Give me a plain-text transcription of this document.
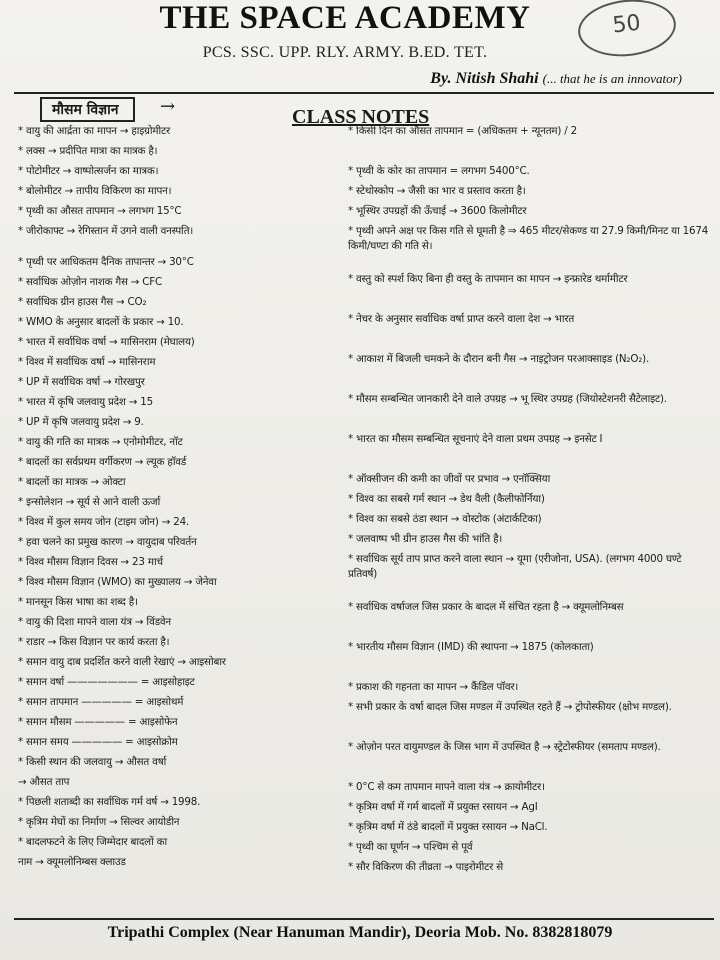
THE SPACE ACADEMY	50
PCS. SSC. UPP. RLY. ARMY. B.ED. TET.
By. Nitish Shahi (... that he is an innovator)
मौसम विज्ञान	→	CLASS NOTES
* वायु की आर्द्रता का मापन → हाइग्रोमीटर
* लक्स → प्रदीपित मात्रा का मात्रक है।
* पोटोमीटर → वाष्पोत्सर्जन का मात्रक।
* बोलोमीटर → तापीय विकिरण का मापन।
* पृथ्वी का औसत तापमान → लगभग 15°C
* जीरोकाफ्ट → रेगिस्तान में उगने वाली वनस्पति।
* पृथ्वी पर आधिकतम दैनिक तापान्तर → 30°C
* सर्वाधिक ओज़ोन नाशक गैस → CFC
* सर्वाधिक ग्रीन हाउस गैस → CO₂
* WMO के अनुसार बादलों के प्रकार → 10.
* भारत में सर्वाधिक वर्षा → मासिनराम (मेघालय)
* विश्व में सर्वाधिक वर्षा → मासिनराम
* UP में सर्वाधिक वर्षा → गोरखपुर
* भारत में कृषि जलवायु प्रदेश → 15
* UP में कृषि जलवायु प्रदेश → 9.
* वायु की गति का मात्रक → एनोमोमीटर, नॉट
* बादलों का सर्वप्रथम वर्गीकरण → ल्यूक हॉवर्ड
* बादलों का मात्रक → ओक्टा
* इन्सोलेशन → सूर्य से आने वाली ऊर्जा
* विश्व में कुल समय जोन (टाइम जोन) → 24.
* हवा चलने का प्रमुख कारण → वायुदाब परिवर्तन
* विश्व मौसम विज्ञान दिवस → 23 मार्च
* विश्व मौसम विज्ञान (WMO) का मुख्यालय → जेनेवा
* मानसून किस भाषा का शब्द है।
* वायु की दिशा मापने वाला यंत्र → विंडवेन
* राडार → किस विज्ञान पर कार्य करता है।
* समान वायु दाब प्रदर्शित करने वाली रेखाएं → आइसोबार
* समान वर्षा ——————— = आइसोहाइट
* समान तापमान ————— = आइसोथर्म
* समान मौसम ————— = आइसोफेन
* समान समय ————— = आइसोक्रोम
* किसी स्थान की जलवायु → औसत वर्षा
→ औसत ताप
* पिछली शताब्दी का सर्वाधिक गर्म वर्ष → 1998.
* कृत्रिम मेघों का निर्माण → सिल्वर आयोडीन
* बादलफटने के लिए जिम्मेदार बादलों का
नाम → क्यूमलोनिम्बस क्लाउड
* किसी दिन का औसत तापमान = (अधिकतम + न्यूनतम) / 2
* पृथ्वी के कोर का तापमान = लगभग 5400°C.
* स्टेथोस्कोप → जैसी का भार व प्रस्ताव करता है।
* भूस्थिर उपग्रहों की ऊँचाई → 3600 किलोमीटर
* पृथ्वी अपने अक्ष पर किस गति से घूमती है ⇒ 465 मीटर/सेकण्ड या 27.9 किमी/मिनट या 1674 किमी/घण्टा की गति से।
* वस्तु को स्पर्श किए बिना ही वस्तु के तापमान का मापन → इन्फ्रारेड थर्मामीटर
* नेचर के अनुसार सर्वाधिक वर्षा प्राप्त करने वाला देश → भारत
* आकाश में बिजली चमकने के दौरान बनी गैस → नाइट्रोजन परआक्साइड (N₂O₂).
* मौसम सम्बन्धित जानकारी देने वाले उपग्रह → भू स्थिर उपग्रह (जियोस्टेशनरी सैटेलाइट).
* भारत का मौसम सम्बन्धित सूचनाएं देने वाला प्रथम उपग्रह → इनसेट I
* ऑक्सीजन की कमी का जीवों पर प्रभाव → एनॉक्सिया
* विश्व का सबसे गर्म स्थान → डेथ वैली (कैलीफोर्निया)
* विश्व का सबसे ठंडा स्थान → वोस्टोक (अंटार्कटिका)
* जलवाष्प भी ग्रीन हाउस गैस की भांति है।
* सर्वाधिक सूर्य ताप प्राप्त करने वाला स्थान → यूमा (एरीजोना, USA). (लगभग 4000 घण्टे प्रतिवर्ष)
* सर्वाधिक वर्षाजल जिस प्रकार के बादल में संचित रहता है → क्यूमलोनिम्बस
* भारतीय मौसम विज्ञान (IMD) की स्थापना → 1875 (कोलकाता)
* प्रकाश की गहनता का मापन → कैंडिल पॉवर।
* सभी प्रकार के वर्षा बादल जिस मण्डल में उपस्थित रहते हैं → ट्रोपोस्फीयर (क्षोभ मण्डल).
* ओज़ोन परत वायुमण्डल के जिस भाग में उपस्थित है → स्ट्रेटोस्फीयर (समताप मण्डल).
* 0°C से कम तापमान मापने वाला यंत्र → क्रायोमीटर।
* कृत्रिम वर्षा में गर्म बादलों में प्रयुक्त रसायन → AgI
* कृत्रिम वर्षा में ठंडे बादलों में प्रयुक्त रसायन → NaCl.
* पृथ्वी का घूर्णन → पश्चिम से पूर्व
* सौर विकिरण की तीव्रता → पाइरोमीटर से
Tripathi Complex (Near Hanuman Mandir), Deoria Mob. No. 8382818079
